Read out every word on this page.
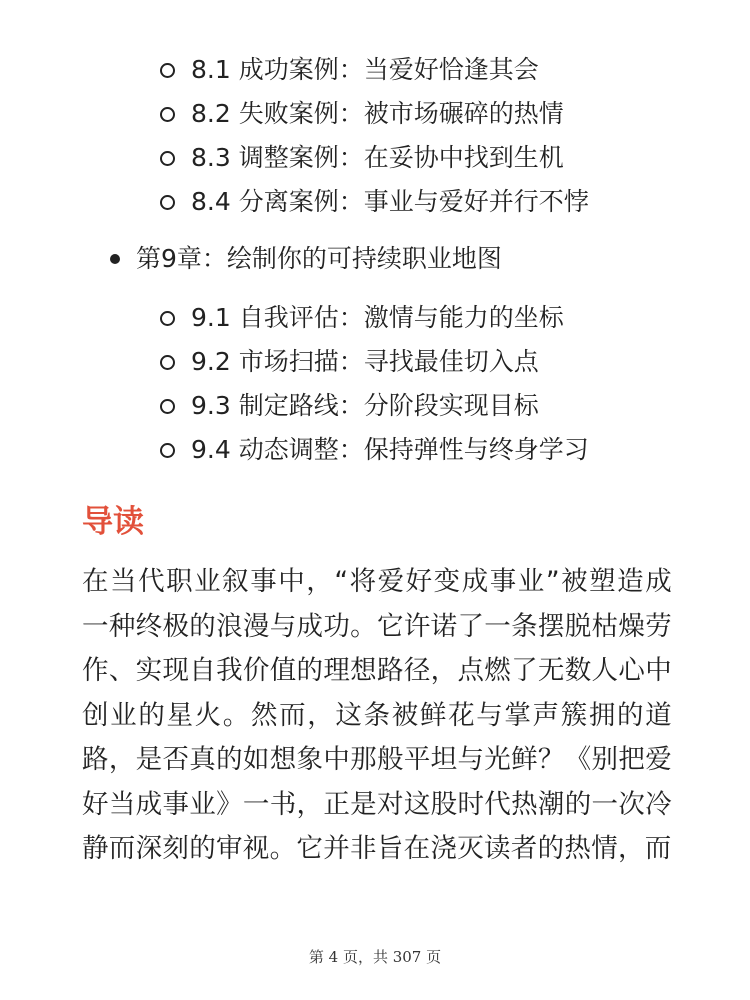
8.1 成功案例：当爱好恰逢其会
8.2 失败案例：被市场碾碎的热情
8.3 调整案例：在妥协中找到生机
8.4 分离案例：事业与爱好并行不悖
第9章：绘制你的可持续职业地图
9.1 自我评估：激情与能力的坐标
9.2 市场扫描：寻找最佳切入点
9.3 制定路线：分阶段实现目标
9.4 动态调整：保持弹性与终身学习
导读

在当代职业叙事中，“将爱好变成事业”被塑造成一种终极的浪漫与成功。它许诺了一条摆脱枯燥劳作、实现自我价值的理想路径，点燃了无数人心中创业的星火。然而，这条被鲜花与掌声簇拥的道路，是否真的如想象中那般平坦与光鲜？《别把爱好当成事业》一书，正是对这股时代热潮的一次冷静而深刻的审视。它并非旨在浇灭读者的热情，而

第 4 页，共 307 页
